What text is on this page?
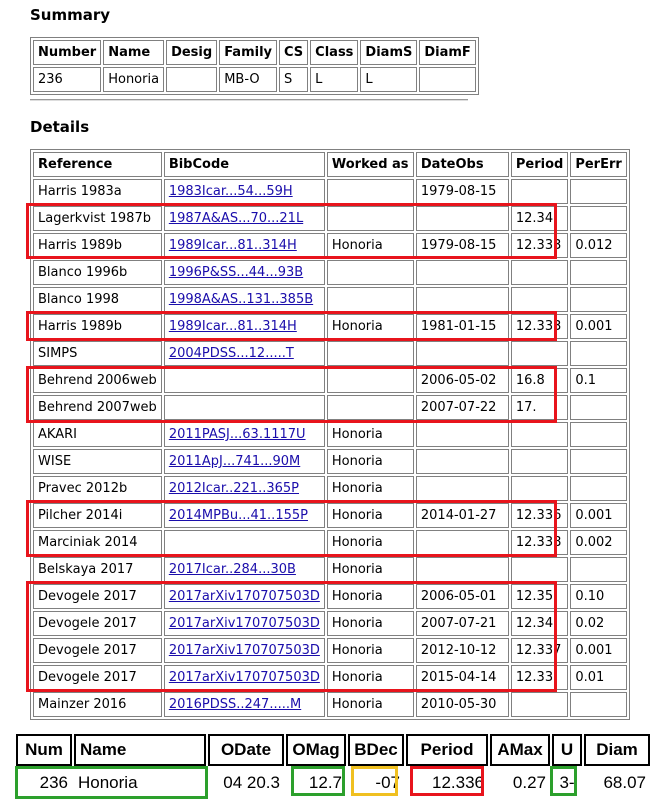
Summary
Number	Name	Desig	Family	CS	Class	DiamS	DiamF
236	Honoria		MB-O	S	L	L	
Details
Reference	BibCode	Worked as	DateObs	Period	PerErr
Harris 1983a	1983Icar...54...59H		1979-08-15		
Lagerkvist 1987b	1987A&AS...70...21L			12.34	
Harris 1989b	1989Icar...81..314H	Honoria	1979-08-15	12.333	0.012
Blanco 1996b	1996P&SS...44...93B				
Blanco 1998	1998A&AS..131..385B				
Harris 1989b	1989Icar...81..314H	Honoria	1981-01-15	12.333	0.001
SIMPS	2004PDSS...12.....T				
Behrend 2006web			2006-05-02	16.8	0.1
Behrend 2007web			2007-07-22	17.	
AKARI	2011PASJ...63.1117U	Honoria			
WISE	2011ApJ...741...90M	Honoria			
Pravec 2012b	2012Icar..221..365P	Honoria			
Pilcher 2014i	2014MPBu...41..155P	Honoria	2014-01-27	12.336	0.001
Marciniak 2014		Honoria		12.338	0.002
Belskaya 2017	2017Icar..284...30B	Honoria			
Devogele 2017	2017arXiv170707503D	Honoria	2006-05-01	12.35	0.10
Devogele 2017	2017arXiv170707503D	Honoria	2007-07-21	12.34	0.02
Devogele 2017	2017arXiv170707503D	Honoria	2012-10-12	12.337	0.001
Devogele 2017	2017arXiv170707503D	Honoria	2015-04-14	12.33	0.01
Mainzer 2016	2016PDSS..247.....M	Honoria	2010-05-30		
Num	Name	ODate	OMag	BDec	Period	AMax	U	Diam
236	Honoria	04 20.3	12.7	-07	12.336	0.27	3-	68.07
